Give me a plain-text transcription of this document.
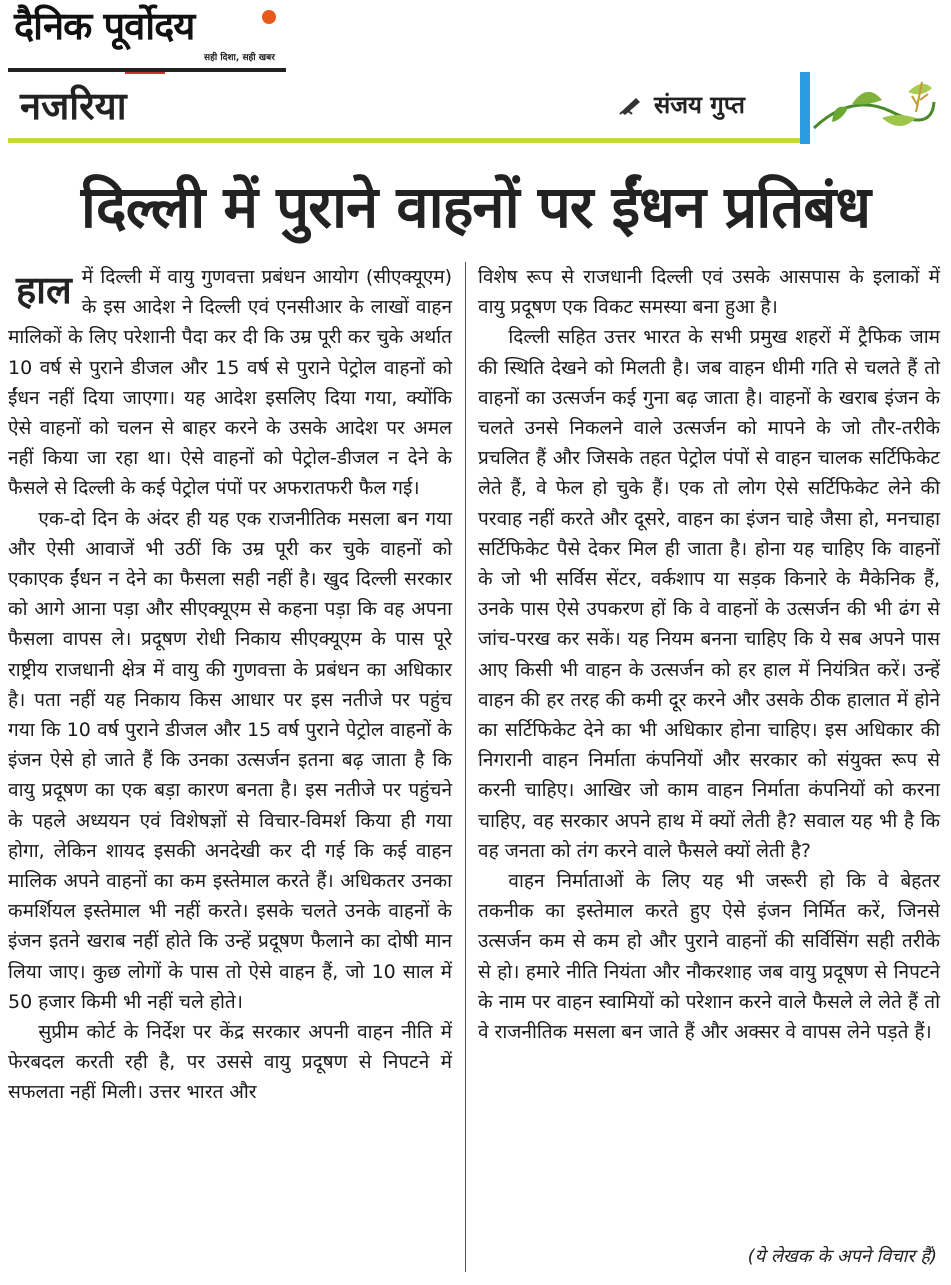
दैनिक पूर्वोदय
सही दिशा, सही खबर
नजरिया	संजय गुप्त
दिल्ली में पुराने वाहनों पर ईंधन प्रतिबंध

हाल में दिल्ली में वायु गुणवत्ता प्रबंधन आयोग (सीएक्यूएम) के इस आदेश ने दिल्ली एवं एनसीआर के लाखों वाहन मालिकों के लिए परेशानी पैदा कर दी कि उम्र पूरी कर चुके अर्थात 10 वर्ष से पुराने डीजल और 15 वर्ष से पुराने पेट्रोल वाहनों को ईंधन नहीं दिया जाएगा। यह आदेश इसलिए दिया गया, क्योंकि ऐसे वाहनों को चलन से बाहर करने के उसके आदेश पर अमल नहीं किया जा रहा था। ऐसे वाहनों को पेट्रोल-डीजल न देने के फैसले से दिल्ली के कई पेट्रोल पंपों पर अफरातफरी फैल गई।

एक-दो दिन के अंदर ही यह एक राजनीतिक मसला बन गया और ऐसी आवाजें भी उठीं कि उम्र पूरी कर चुके वाहनों को एकाएक ईंधन न देने का फैसला सही नहीं है। खुद दिल्ली सरकार को आगे आना पड़ा और सीएक्यूएम से कहना पड़ा कि वह अपना फैसला वापस ले। प्रदूषण रोधी निकाय सीएक्यूएम के पास पूरे राष्ट्रीय राजधानी क्षेत्र में वायु की गुणवत्ता के प्रबंधन का अधिकार है। पता नहीं यह निकाय किस आधार पर इस नतीजे पर पहुंच गया कि 10 वर्ष पुराने डीजल और 15 वर्ष पुराने पेट्रोल वाहनों के इंजन ऐसे हो जाते हैं कि उनका उत्सर्जन इतना बढ़ जाता है कि वायु प्रदूषण का एक बड़ा कारण बनता है। इस नतीजे पर पहुंचने के पहले अध्ययन एवं विशेषज्ञों से विचार-विमर्श किया ही गया होगा, लेकिन शायद इसकी अनदेखी कर दी गई कि कई वाहन मालिक अपने वाहनों का कम इस्तेमाल करते हैं। अधिकतर उनका कमर्शियल इस्तेमाल भी नहीं करते। इसके चलते उनके वाहनों के इंजन इतने खराब नहीं होते कि उन्हें प्रदूषण फैलाने का दोषी मान लिया जाए। कुछ लोगों के पास तो ऐसे वाहन हैं, जो 10 साल में 50 हजार किमी भी नहीं चले होते।

सुप्रीम कोर्ट के निर्देश पर केंद्र सरकार अपनी वाहन नीति में फेरबदल करती रही है, पर उससे वायु प्रदूषण से निपटने में सफलता नहीं मिली। उत्तर भारत और

विशेष रूप से राजधानी दिल्ली एवं उसके आसपास के इलाकों में वायु प्रदूषण एक विकट समस्या बना हुआ है।

दिल्ली सहित उत्तर भारत के सभी प्रमुख शहरों में ट्रैफिक जाम की स्थिति देखने को मिलती है। जब वाहन धीमी गति से चलते हैं तो वाहनों का उत्सर्जन कई गुना बढ़ जाता है। वाहनों के खराब इंजन के चलते उनसे निकलने वाले उत्सर्जन को मापने के जो तौर-तरीके प्रचलित हैं और जिसके तहत पेट्रोल पंपों से वाहन चालक सर्टिफिकेट लेते हैं, वे फेल हो चुके हैं। एक तो लोग ऐसे सर्टिफिकेट लेने की परवाह नहीं करते और दूसरे, वाहन का इंजन चाहे जैसा हो, मनचाहा सर्टिफिकेट पैसे देकर मिल ही जाता है। होना यह चाहिए कि वाहनों के जो भी सर्विस सेंटर, वर्कशाप या सड़क किनारे के मैकेनिक हैं, उनके पास ऐसे उपकरण हों कि वे वाहनों के उत्सर्जन की भी ढंग से जांच-परख कर सकें। यह नियम बनना चाहिए कि ये सब अपने पास आए किसी भी वाहन के उत्सर्जन को हर हाल में नियंत्रित करें। उन्हें वाहन की हर तरह की कमी दूर करने और उसके ठीक हालात में होने का सर्टिफिकेट देने का भी अधिकार होना चाहिए। इस अधिकार की निगरानी वाहन निर्माता कंपनियों और सरकार को संयुक्त रूप से करनी चाहिए। आखिर जो काम वाहन निर्माता कंपनियों को करना चाहिए, वह सरकार अपने हाथ में क्यों लेती है? सवाल यह भी है कि वह जनता को तंग करने वाले फैसले क्यों लेती है?

वाहन निर्माताओं के लिए यह भी जरूरी हो कि वे बेहतर तकनीक का इस्तेमाल करते हुए ऐसे इंजन निर्मित करें, जिनसे उत्सर्जन कम से कम हो और पुराने वाहनों की सर्विसिंग सही तरीके से हो। हमारे नीति नियंता और नौकरशाह जब वायु प्रदूषण से निपटने के नाम पर वाहन स्वामियों को परेशान करने वाले फैसले ले लेते हैं तो वे राजनीतिक मसला बन जाते हैं और अक्सर वे वापस लेने पड़ते हैं।

(ये लेखक के अपने विचार हैं)
